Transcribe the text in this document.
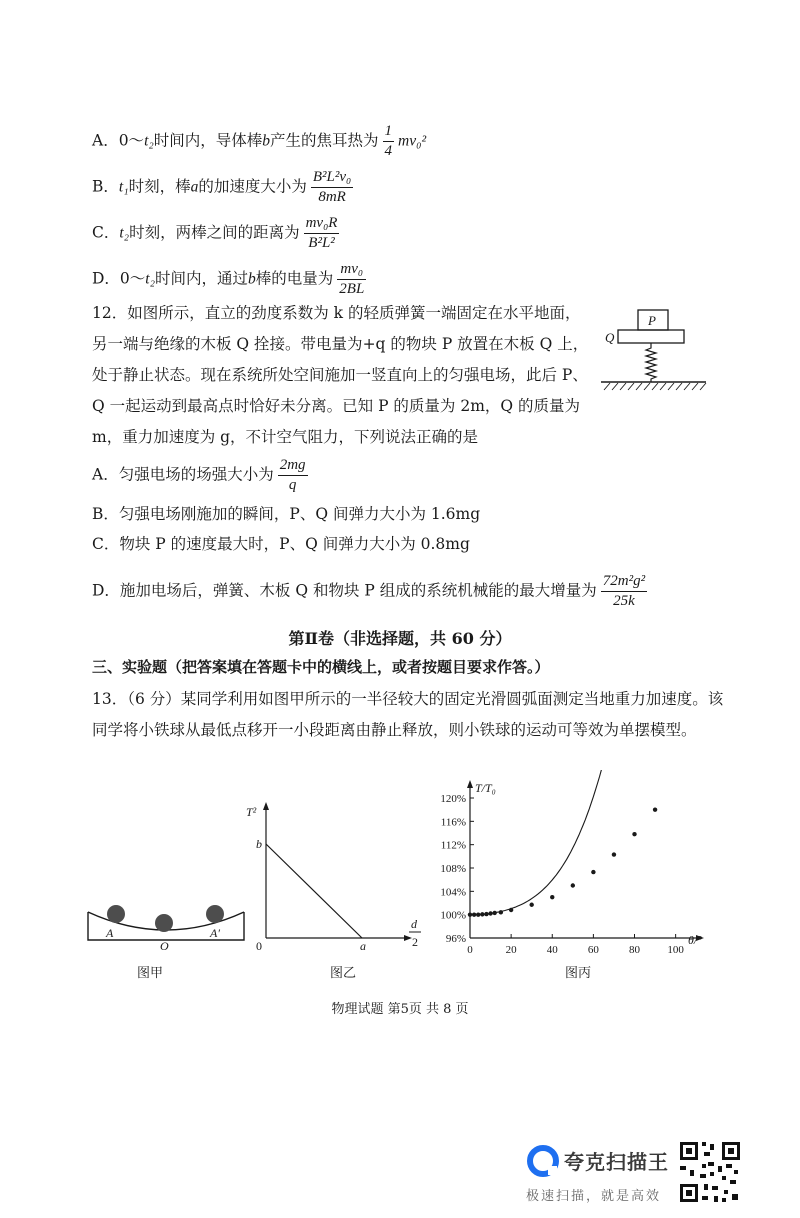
A．0～t₂时间内，导体棒b产生的焦耳热为 $\frac{1}{4} mv_0^2$
B．t₁时刻，棒a的加速度大小为 $\frac{\text{B²L²v₀}}{8mR}$
C．t₂时刻，两棒之间的距离为 $\frac{\text{mv₀R}}{\text{B²L²}}$
D．0～t₂时间内，通过b棒的电量为 $\frac{\text{mv₀}}{2BL}$
12．如图所示，直立的劲度系数为 k 的轻质弹簧一端固定在水平地面，另一端与绝缘的木板 Q 拴接。带电量为+q 的物块 P 放置在木板 Q 上，处于静止状态。现在系统所处空间施加一竖直向上的匀强电场，此后 P、Q 一起运动到最高点时恰好未分离。已知 P 的质量为 2m，Q 的质量为 m，重力加速度为 g，不计空气阻力，下列说法正确的是
P
Q
A．匀强电场的场强大小为 $\frac{2mg}{q}$
B．匀强电场刚施加的瞬间，P、Q 间弹力大小为 1.6mg
C．物块 P 的速度最大时，P、Q 间弹力大小为 0.8mg
D．施加电场后，弹簧、木板 Q 和物块 P 组成的系统机械能的最大增量为 $\frac{\text{72m²g²}}{25k}$
第Ⅱ卷（非选择题，共 60 分）
三、实验题（把答案填在答题卡中的横线上，或者按题目要求作答。）
13．（6 分）某同学利用如图甲所示的一半径较大的固定光滑圆弧面测定当地重力加速度。该
同学将小铁球从最低点移开一小段距离由静止释放，则小铁球的运动可等效为单摆模型。
A
O
A′
图甲
T²
b
0	a
d
2
图乙
96%
100%
104%
108%
112%
116%
120%
0	20	40	60	80 100
T/T₀
θ/°
图丙
物理试题 第5页 共 8 页
夸克扫描王
极速扫描，就是高效
